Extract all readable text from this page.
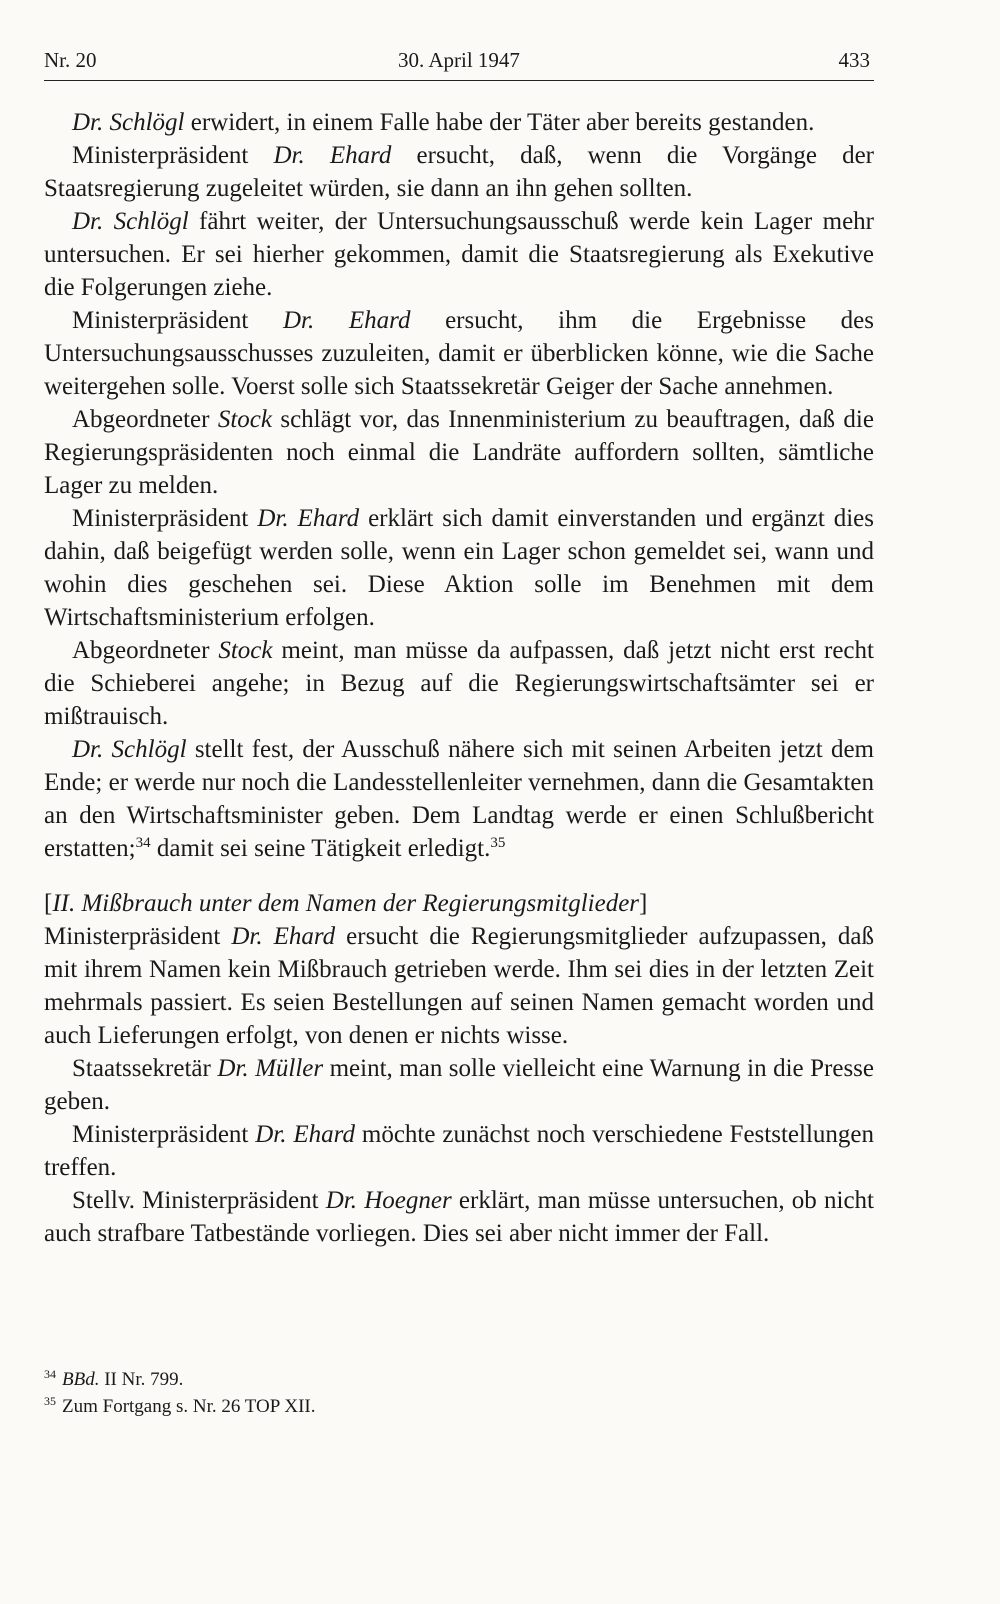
Nr. 20	30. April 1947	433

Dr. Schlögl erwidert, in einem Falle habe der Täter aber bereits gestanden.

Ministerpräsident Dr. Ehard ersucht, daß, wenn die Vorgänge der Staatsregierung zugeleitet würden, sie dann an ihn gehen sollten.

Dr. Schlögl fährt weiter, der Untersuchungsausschuß werde kein Lager mehr untersuchen. Er sei hierher gekommen, damit die Staatsregierung als Exekutive die Folgerungen ziehe.

Ministerpräsident Dr. Ehard ersucht, ihm die Ergebnisse des Untersuchungsausschusses zuzuleiten, damit er überblicken könne, wie die Sache weitergehen solle. Voerst solle sich Staatssekretär Geiger der Sache annehmen.

Abgeordneter Stock schlägt vor, das Innenministerium zu beauftragen, daß die Regierungspräsidenten noch einmal die Landräte auffordern sollten, sämtliche Lager zu melden.

Ministerpräsident Dr. Ehard erklärt sich damit einverstanden und ergänzt dies dahin, daß beigefügt werden solle, wenn ein Lager schon gemeldet sei, wann und wohin dies geschehen sei. Diese Aktion solle im Benehmen mit dem Wirtschaftsministerium erfolgen.

Abgeordneter Stock meint, man müsse da aufpassen, daß jetzt nicht erst recht die Schieberei angehe; in Bezug auf die Regierungswirtschaftsämter sei er mißtrauisch.

Dr. Schlögl stellt fest, der Ausschuß nähere sich mit seinen Arbeiten jetzt dem Ende; er werde nur noch die Landesstellenleiter vernehmen, dann die Gesamtakten an den Wirtschaftsminister geben. Dem Landtag werde er einen Schlußbericht erstatten;$^{34}$ damit sei seine Tätigkeit erledigt.$^{35}$

[II. Mißbrauch unter dem Namen der Regierungsmitglieder]

Ministerpräsident Dr. Ehard ersucht die Regierungsmitglieder aufzupassen, daß mit ihrem Namen kein Mißbrauch getrieben werde. Ihm sei dies in der letzten Zeit mehrmals passiert. Es seien Bestellungen auf seinen Namen gemacht worden und auch Lieferungen erfolgt, von denen er nichts wisse.

Staatssekretär Dr. Müller meint, man solle vielleicht eine Warnung in die Presse geben.

Ministerpräsident Dr. Ehard möchte zunächst noch verschiedene Feststellungen treffen.

Stellv. Ministerpräsident Dr. Hoegner erklärt, man müsse untersuchen, ob nicht auch strafbare Tatbestände vorliegen. Dies sei aber nicht immer der Fall.

$^{34}$ BBd. II Nr. 799.
$^{35}$ Zum Fortgang s. Nr. 26 TOP XII.
